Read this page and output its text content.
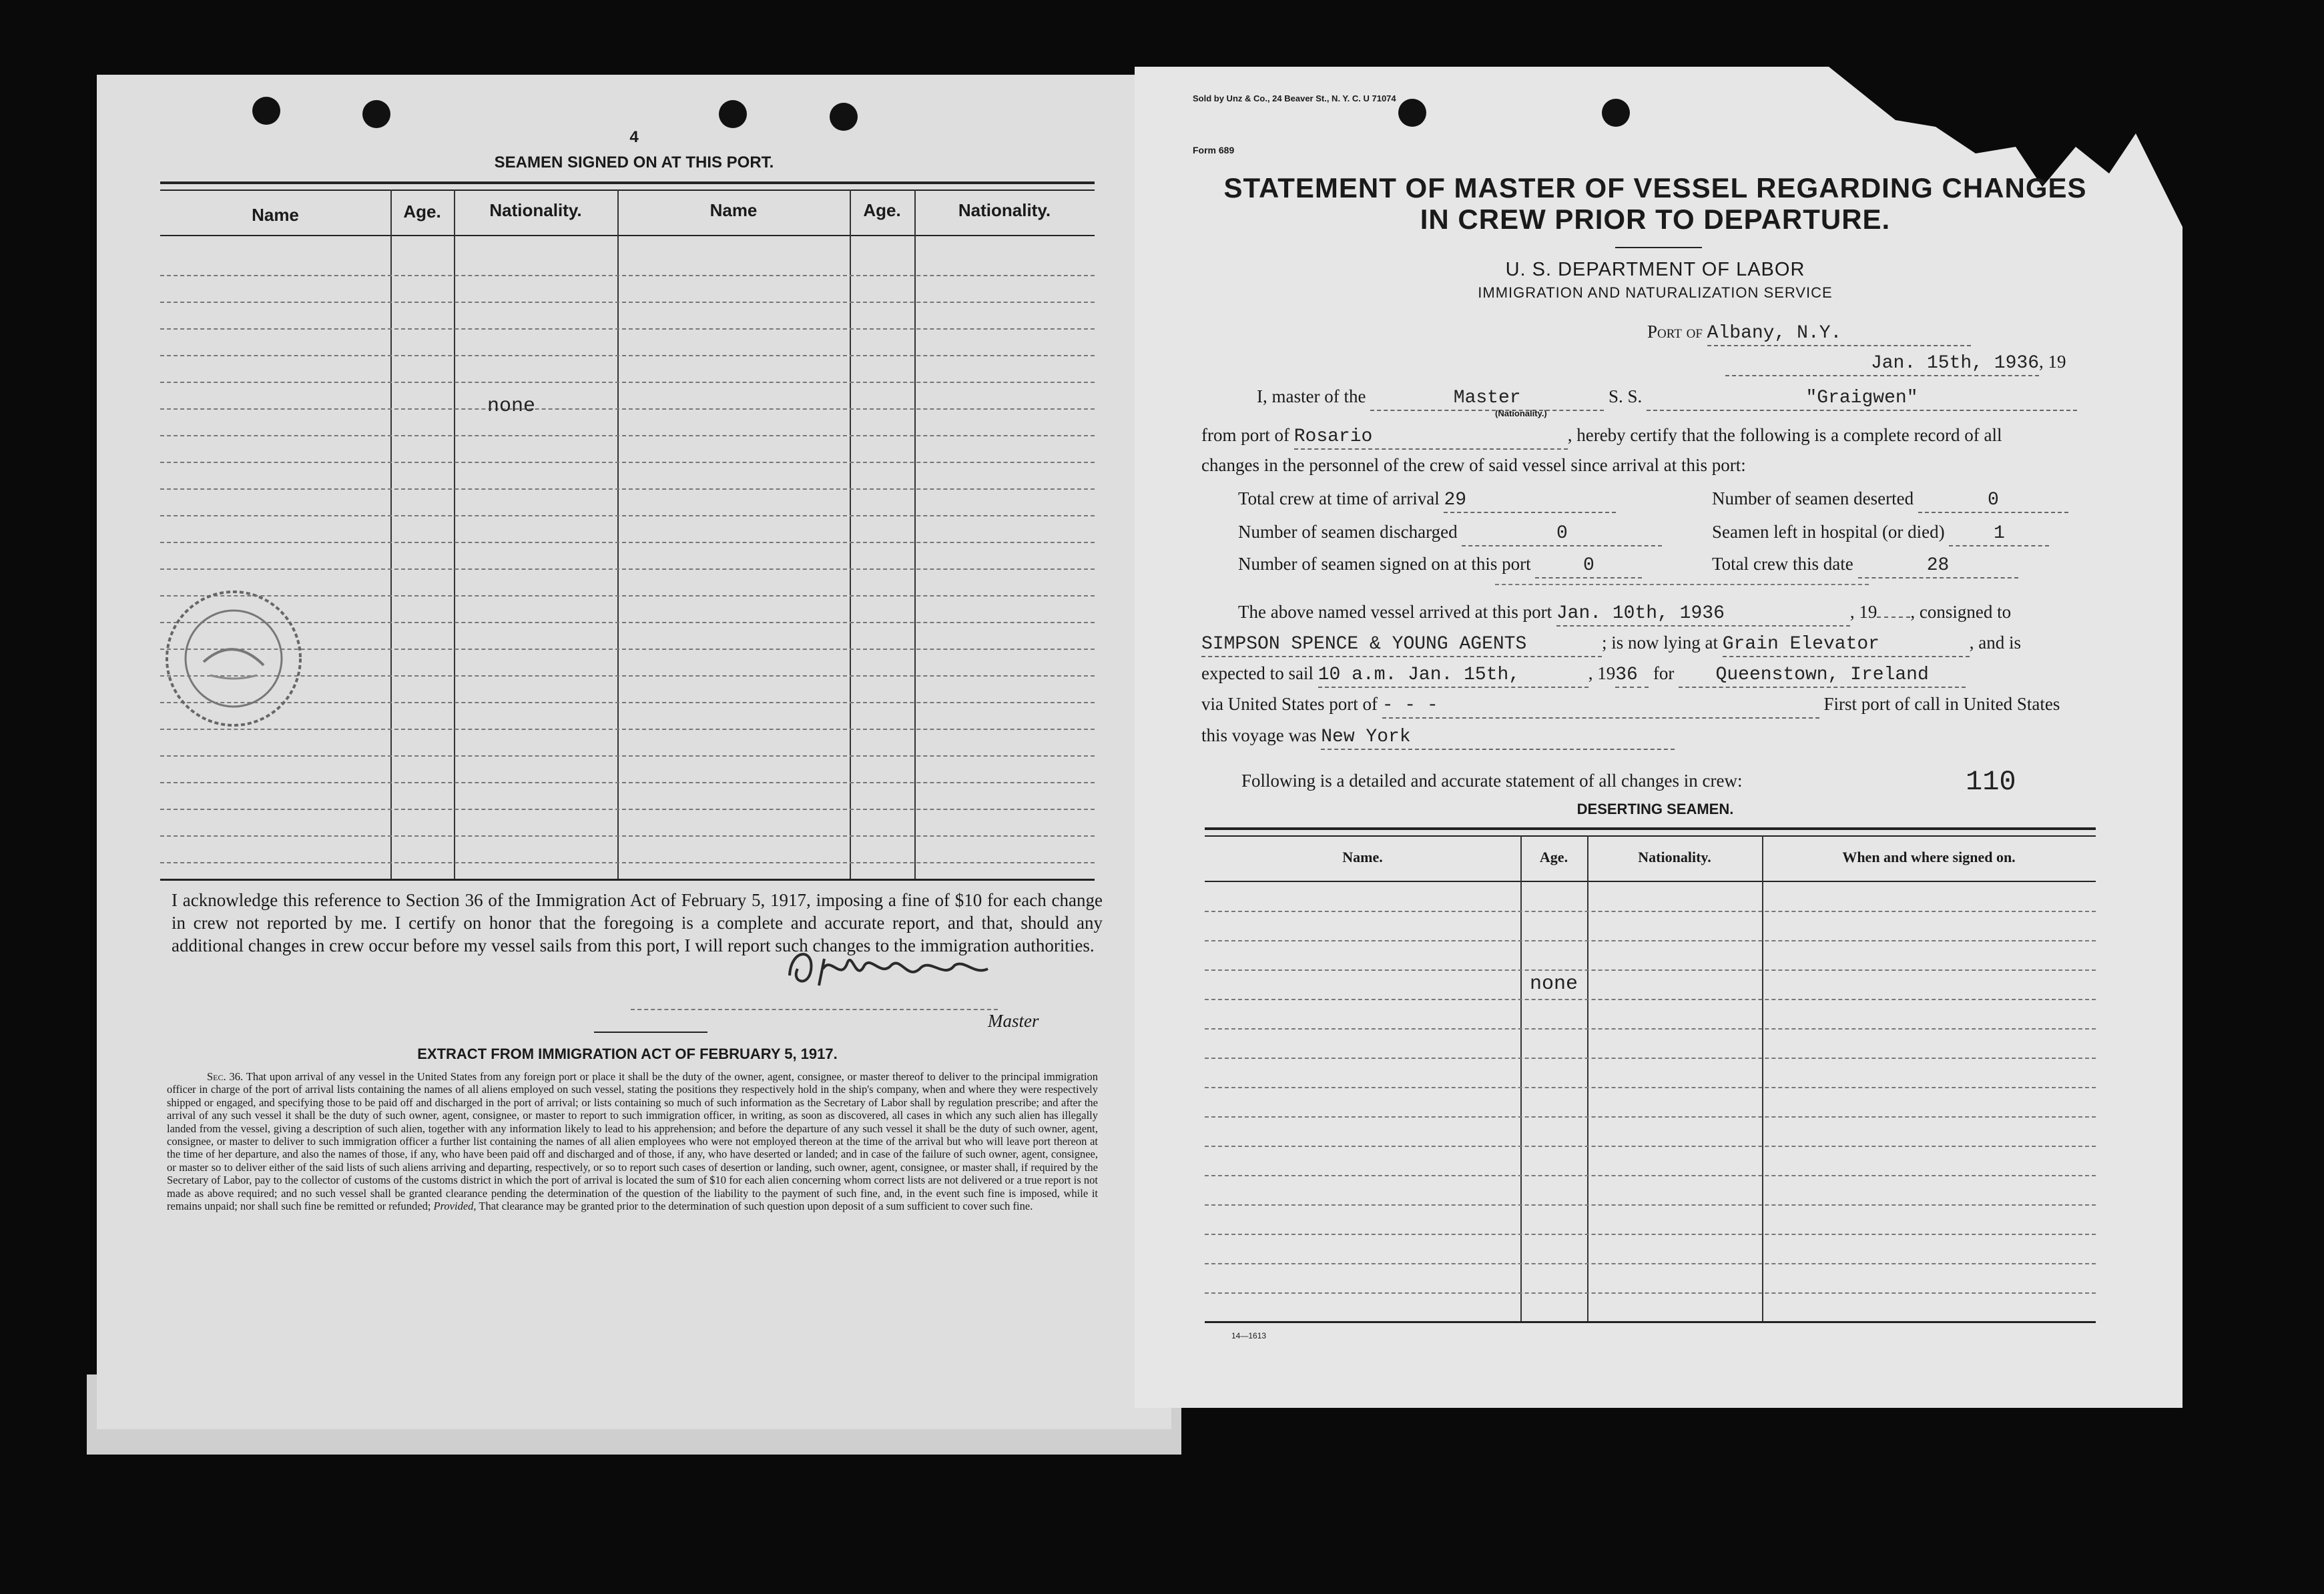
4
SEAMEN SIGNED ON AT THIS PORT.
Name	Age.	Nationality.	Name	Age.	Nationality.
none
I acknowledge this reference to Section 36 of the Immigration Act of February 5, 1917, imposing a fine of $10 for each change in crew not reported by me. I certify on honor that the foregoing is a complete and accurate report, and that, should any additional changes in crew occur before my vessel sails from this port, I will report such changes to the immigration authorities.
Master
EXTRACT FROM IMMIGRATION ACT OF FEBRUARY 5, 1917.
Sec. 36. That upon arrival of any vessel in the United States from any foreign port or place it shall be the duty of the owner, agent, consignee, or master thereof to deliver to the principal immigration officer in charge of the port of arrival lists containing the names of all aliens employed on such vessel, stating the positions they respectively hold in the ship's company, when and where they were respectively shipped or engaged, and specifying those to be paid off and discharged in the port of arrival; or lists containing so much of such information as the Secretary of Labor shall by regulation prescribe; and after the arrival of any such vessel it shall be the duty of such owner, agent, consignee, or master to report to such immigration officer, in writing, as soon as discovered, all cases in which any such alien has illegally landed from the vessel, giving a description of such alien, together with any information likely to lead to his apprehension; and before the departure of any such vessel it shall be the duty of such owner, agent, consignee, or master to deliver to such immigration officer a further list containing the names of all alien employees who were not employed thereon at the time of the arrival but who will leave port thereon at the time of her departure, and also the names of those, if any, who have been paid off and discharged and of those, if any, who have deserted or landed; and in case of the failure of such owner, agent, consignee, or master so to deliver either of the said lists of such aliens arriving and departing, respectively, or so to report such cases of desertion or landing, such owner, agent, consignee, or master shall, if required by the Secretary of Labor, pay to the collector of customs of the customs district in which the port of arrival is located the sum of $10 for each alien concerning whom correct lists are not delivered or a true report is not made as above required; and no such vessel shall be granted clearance pending the determination of the question of the liability to the payment of such fine, and, in the event such fine is imposed, while it remains unpaid; nor shall such fine be remitted or refunded; Provided, That clearance may be granted prior to the determination of such question upon deposit of a sum sufficient to cover such fine.
Sold by Unz & Co., 24 Beaver St., N. Y. C. U 71074
Form 689
STATEMENT OF MASTER OF VESSEL REGARDING CHANGES
IN CREW PRIOR TO DEPARTURE.
U. S. DEPARTMENT OF LABOR
IMMIGRATION AND NATURALIZATION SERVICE
Port of Albany, N.Y.
Jan. 15th, 1936, 19
I, master of the	Master	S. S.	"Graigwen"
(Nationality.)
from port of Rosario	, hereby certify that the following is a complete record of all
changes in the personnel of the crew of said vessel since arrival at this port:
Total crew at time of arrival 29	Number of seamen deserted	0
Number of seamen discharged	0	Seamen left in hospital (or died)	1
Number of seamen signed on at this port	0	Total crew this date	28
The above named vessel arrived at this port Jan. 10th, 1936	, 19 , consigned to
SIMPSON SPENCE & YOUNG AGENTS	; is now lying at Grain Elevator	, and is
expected to sail 10 a.m. Jan. 15th,	, 1936 for Queenstown, Ireland
via United States port of - - -	First port of call in United States
this voyage was New York
Following is a detailed and accurate statement of all changes in crew:	110
DESERTING SEAMEN.
Name.	Age.	Nationality.	When and where signed on.
none
14—1613
